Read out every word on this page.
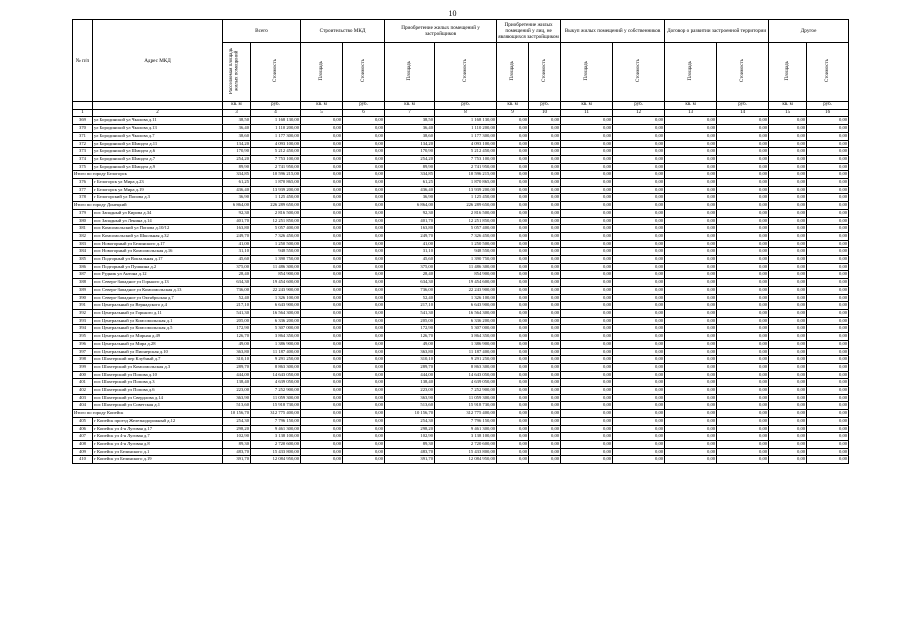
10
№ п/п	Адрес МКД	Всего		Строительство МКД		Приобретение жилых помещений у застройщиков		Приобретение жилых помещений у лиц, не являющихся застройщиком		Выкуп жилых помещений у собственников		Договор о развитии застроенной территории		Другое	
		Расселяемая площадь жилых помещений	Стоимость	Площадь	Стоимость	Площадь	Стоимость	Площадь	Стоимость	Площадь	Стоимость	Площадь	Стоимость	Площадь	Стоимость
		кв. м	руб.	кв. м	руб.	кв. м	руб.	кв. м	руб.	кв. м	руб.	кв. м	руб.	кв. м	руб.
1	2	3	4	5	6	7	8	9	10	11	12	13	14	15	16
369	ул Бородинской ул Чкалова д.11	38,50	1 168 130,00	0,00	0,00	38,50	1 168 130,00	0,00	0,00	0,00	0,00	0,00	0,00	0,00	0,00
370	ул Бородинской ул Чкалова д.13	36,40	1 110 200,00	0,00	0,00	36,40	1 110 200,00	0,00	0,00	0,00	0,00	0,00	0,00	0,00	0,00
371	ул Бородинской ул Чкалова д.7	38,60	1 177 300,00	0,00	0,00	38,60	1 177 300,00	0,00	0,00	0,00	0,00	0,00	0,00	0,00	0,00
372	ул Бородинской ул Шмидта д.11	134,20	4 093 100,00	0,00	0,00	134,20	4 093 100,00	0,00	0,00	0,00	0,00	0,00	0,00	0,00	0,00
373	ул Бородинской ул Шмидта д.6	170,90	5 212 450,00	0,00	0,00	170,90	5 212 450,00	0,00	0,00	0,00	0,00	0,00	0,00	0,00	0,00
374	ул Бородинской ул Шмидта д.7	254,20	7 753 100,00	0,00	0,00	254,20	7 753 100,00	0,00	0,00	0,00	0,00	0,00	0,00	0,00	0,00
375	ул Бородинской ул Шмидта д.9	89,90	2 741 950,00	0,00	0,00	89,90	2 741 950,00	0,00	0,00	0,00	0,00	0,00	0,00	0,00	0,00
Итого по городу Белогорск		334,85	10 596 215,00	0,00	0,00	334,85	10 596 215,00	0,00	0,00	0,00	0,00	0,00	0,00	0,00	0,00
376	г Белогорск ул Мира д.23	61,25	1 870 865,00	0,00	0,00	61,25	1 870 865,00	0,00	0,00	0,00	0,00	0,00	0,00	0,00	0,00
377	г Белогорск ул Мира д.19	436,40	13 939 200,00	0,00	0,00	436,40	13 939 200,00	0,00	0,00	0,00	0,00	0,00	0,00	0,00	0,00
378	г Белогорский ул Попова д.3	36,90	1 125 450,00	0,00	0,00	36,90	1 125 450,00	0,00	0,00	0,00	0,00	0,00	0,00	0,00	0,00
Итого по городу Донецкий		6 864,00	226 289 650,00	0,00	0,00	6 864,00	226 289 650,00	0,00	0,00	0,00	0,00	0,00	0,00	0,00	0,00
379	пос Западный ул Кирова д.34	92,30	2 816 500,00	0,00	0,00	92,30	2 816 500,00	0,00	0,00	0,00	0,00	0,00	0,00	0,00	0,00
380	пос Западный ул Ленина д.14	401,70	12 251 850,00	0,00	0,00	401,70	12 251 850,00	0,00	0,00	0,00	0,00	0,00	0,00	0,00	0,00
381	пос Комсомольский ул Попова д.10/12	163,80	5 057 400,00	0,00	0,00	163,80	5 057 400,00	0,00	0,00	0,00	0,00	0,00	0,00	0,00	0,00
382	пос Комсомольский ул Школьная д.32	249,70	7 326 450,00	0,00	0,00	249,70	7 326 450,00	0,00	0,00	0,00	0,00	0,00	0,00	0,00	0,00
383	пос Новогорный ул Белинского д.17	41,00	1 250 500,00	0,00	0,00	41,00	1 250 500,00	0,00	0,00	0,00	0,00	0,00	0,00	0,00	0,00
384	пос Новогорный ул Комсомольская д.16	31,10	948 550,00	0,00	0,00	31,10	948 550,00	0,00	0,00	0,00	0,00	0,00	0,00	0,00	0,00
385	пос Подгорный ул Вокзальная д.17	45,60	1 390 750,00	0,00	0,00	45,60	1 390 750,00	0,00	0,00	0,00	0,00	0,00	0,00	0,00	0,00
386	пос Подгорный ул Пушкина д.2	375,00	11 486 300,00	0,00	0,00	375,00	11 486 300,00	0,00	0,00	0,00	0,00	0,00	0,00	0,00	0,00
387	пос Рудник ул Антона д.12	28,40	854 900,00	0,00	0,00	28,40	854 900,00	0,00	0,00	0,00	0,00	0,00	0,00	0,00	0,00
388	пос Северо-Западное ул Горького д.13	634,30	19 454 600,00	0,00	0,00	634,30	19 454 600,00	0,00	0,00	0,00	0,00	0,00	0,00	0,00	0,00
389	пос Северо-Западное ул Комсомольская д.13	736,00	22 243 900,00	0,00	0,00	736,00	22 243 900,00	0,00	0,00	0,00	0,00	0,00	0,00	0,00	0,00
390	пос Северо-Западное ул Октябрьская д.7	52,40	1 326 100,00	0,00	0,00	52,40	1 326 100,00	0,00	0,00	0,00	0,00	0,00	0,00	0,00	0,00
391	пос Центральный ул Вернадского д.4	217,10	6 643 900,00	0,00	0,00	217,10	6 643 900,00	0,00	0,00	0,00	0,00	0,00	0,00	0,00	0,00
392	пос Центральный ул Горького д.11	541,30	16 564 300,00	0,00	0,00	541,30	16 564 300,00	0,00	0,00	0,00	0,00	0,00	0,00	0,00	0,00
393	пос Центральный ул Комсомольская д.1	205,00	6 336 200,00	0,00	0,00	205,00	6 336 200,00	0,00	0,00	0,00	0,00	0,00	0,00	0,00	0,00
394	пос Центральный ул Комсомольская д.5	172,90	5 307 000,00	0,00	0,00	172,90	5 307 000,00	0,00	0,00	0,00	0,00	0,00	0,00	0,00	0,00
395	пос Центральный ул Мирная д.49	126,70	3 864 350,00	0,00	0,00	126,70	3 864 350,00	0,00	0,00	0,00	0,00	0,00	0,00	0,00	0,00
396	пос Центральный ул Мира д.28	49,00	1 386 900,00	0,00	0,00	49,00	1 386 900,00	0,00	0,00	0,00	0,00	0,00	0,00	0,00	0,00
397	пос Центральный ул Пионерская д.10	363,80	11 187 400,00	0,00	0,00	363,80	11 187 400,00	0,00	0,00	0,00	0,00	0,00	0,00	0,00	0,00
398	пос Шахтерский пер Клубный д.7	310,10	9 291 250,00	0,00	0,00	310,10	9 291 250,00	0,00	0,00	0,00	0,00	0,00	0,00	0,00	0,00
399	пос Шахтерский ул Комсомольская д.3	289,70	8 863 300,00	0,00	0,00	289,70	8 863 300,00	0,00	0,00	0,00	0,00	0,00	0,00	0,00	0,00
400	пос Шахтерский ул Попова д.10	444,00	14 643 050,00	0,00	0,00	444,00	14 643 050,00	0,00	0,00	0,00	0,00	0,00	0,00	0,00	0,00
401	пос Шахтерский ул Попова д.3	138,40	4 639 050,00	0,00	0,00	138,40	4 639 050,00	0,00	0,00	0,00	0,00	0,00	0,00	0,00	0,00
402	пос Шахтерский ул Попова д.6	223,00	7 252 900,00	0,00	0,00	223,00	7 252 900,00	0,00	0,00	0,00	0,00	0,00	0,00	0,00	0,00
403	пос Шахтерский ул Свердлова д.14	363,90	11 059 300,00	0,00	0,00	363,90	11 059 300,00	0,00	0,00	0,00	0,00	0,00	0,00	0,00	0,00
404	пос Шахтерский ул Советская д.1	513,60	15 918 730,00	0,00	0,00	513,60	15 918 730,00	0,00	0,00	0,00	0,00	0,00	0,00	0,00	0,00
Итого по городу Копейск		10 156,70	312 775 400,00	0,00	0,00	10 156,70	312 775 400,00	0,00	0,00	0,00	0,00	0,00	0,00	0,00	0,00
405	г Копейск проезд Железнодорожный д.12	254,30	7 796 150,00	0,00	0,00	254,30	7 796 150,00	0,00	0,00	0,00	0,00	0,00	0,00	0,00	0,00
406	г Копейск ул 4-я Луговая д.17	298,20	9 461 300,00	0,00	0,00	298,20	9 461 300,00	0,00	0,00	0,00	0,00	0,00	0,00	0,00	0,00
407	г Копейск ул 4-я Луговая д.7	102,90	3 138 100,00	0,00	0,00	102,90	3 138 100,00	0,00	0,00	0,00	0,00	0,00	0,00	0,00	0,00
408	г Копейск ул 4-я Луговая д.8	89,30	2 720 600,00	0,00	0,00	89,30	2 720 600,00	0,00	0,00	0,00	0,00	0,00	0,00	0,00	0,00
409	г Копейск ул Белинского д.1	483,70	15 433 800,00	0,00	0,00	483,70	15 433 800,00	0,00	0,00	0,00	0,00	0,00	0,00	0,00	0,00
410	г Копейск ул Белинского д.19	391,70	12 084 950,00	0,00	0,00	391,70	12 084 950,00	0,00	0,00	0,00	0,00	0,00	0,00	0,00	0,00
